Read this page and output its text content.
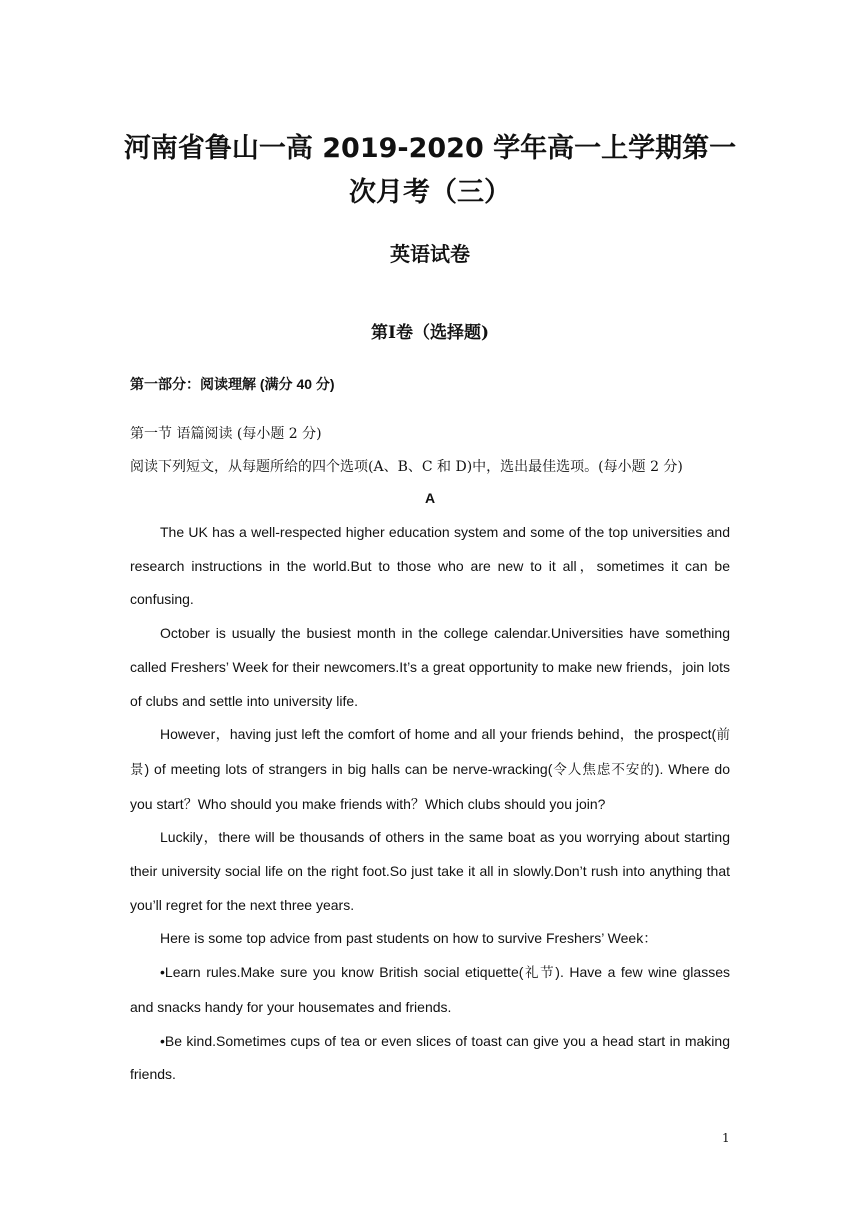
河南省鲁山一高 2019-2020 学年高一上学期第一
次月考（三）
英语试卷
第Ⅰ卷（选择题)
第一部分：阅读理解 (满分 40 分)
第一节 语篇阅读 (每小题 2 分)
阅读下列短文，从每题所给的四个选项(A、B、C 和 D)中，选出最佳选项。(每小题 2 分)
A

The UK has a well-respected higher education system and some of the top universities and research instructions in the world.But to those who are new to it all，sometimes it can be confusing.

October is usually the busiest month in the college calendar.Universities have something called Freshers’ Week for their newcomers.It’s a great opportunity to make new friends，join lots of clubs and settle into university life.

However，having just left the comfort of home and all your friends behind，the prospect(前景) of meeting lots of strangers in big halls can be nerve-wracking(令人焦虑不安的). Where do you start？Who should you make friends with？Which clubs should you join?

Luckily，there will be thousands of others in the same boat as you worrying about starting their university social life on the right foot.So just take it all in slowly.Don’t rush into anything that you’ll regret for the next three years.

Here is some top advice from past students on how to survive Freshers’ Week：

•Learn rules.Make sure you know British social etiquette(礼节). Have a few wine glasses and snacks handy for your housemates and friends.

•Be kind.Sometimes cups of tea or even slices of toast can give you a head start in making friends.

1
